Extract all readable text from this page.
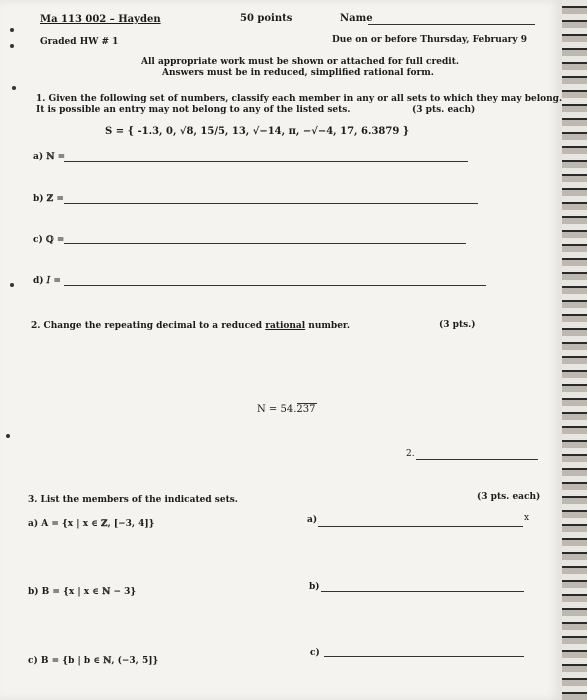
Ma 113 002 – Hayden	50 points	Name
Graded HW # 1	Due on or before Thursday, February 9
All appropriate work must be shown or attached for full credit.
Answers must be in reduced, simplified rational form.
1. Given the following set of numbers, classify each member in any or all sets to which they may belong.
It is possible an entry may not belong to any of the listed sets.	(3 pts. each)
S = { -1.3, 0, √8, 15/5, 13, √−14, π, −√−4, 17, 6.3879 }
a) ℕ =
b) ℤ =
c) ℚ =
d) 𝐼 =
2. Change the repeating decimal to a reduced rational number.	(3 pts.)
N = 54.237
2.
3. List the members of the indicated sets.	(3 pts. each)
a) A = {x | x ∈ ℤ, [−3, 4]}	a)	x
b) B = {x | x ∈ ℕ − 3}	b)
c) B = {b | b ∈ ℕ, (−3, 5]}
c)
